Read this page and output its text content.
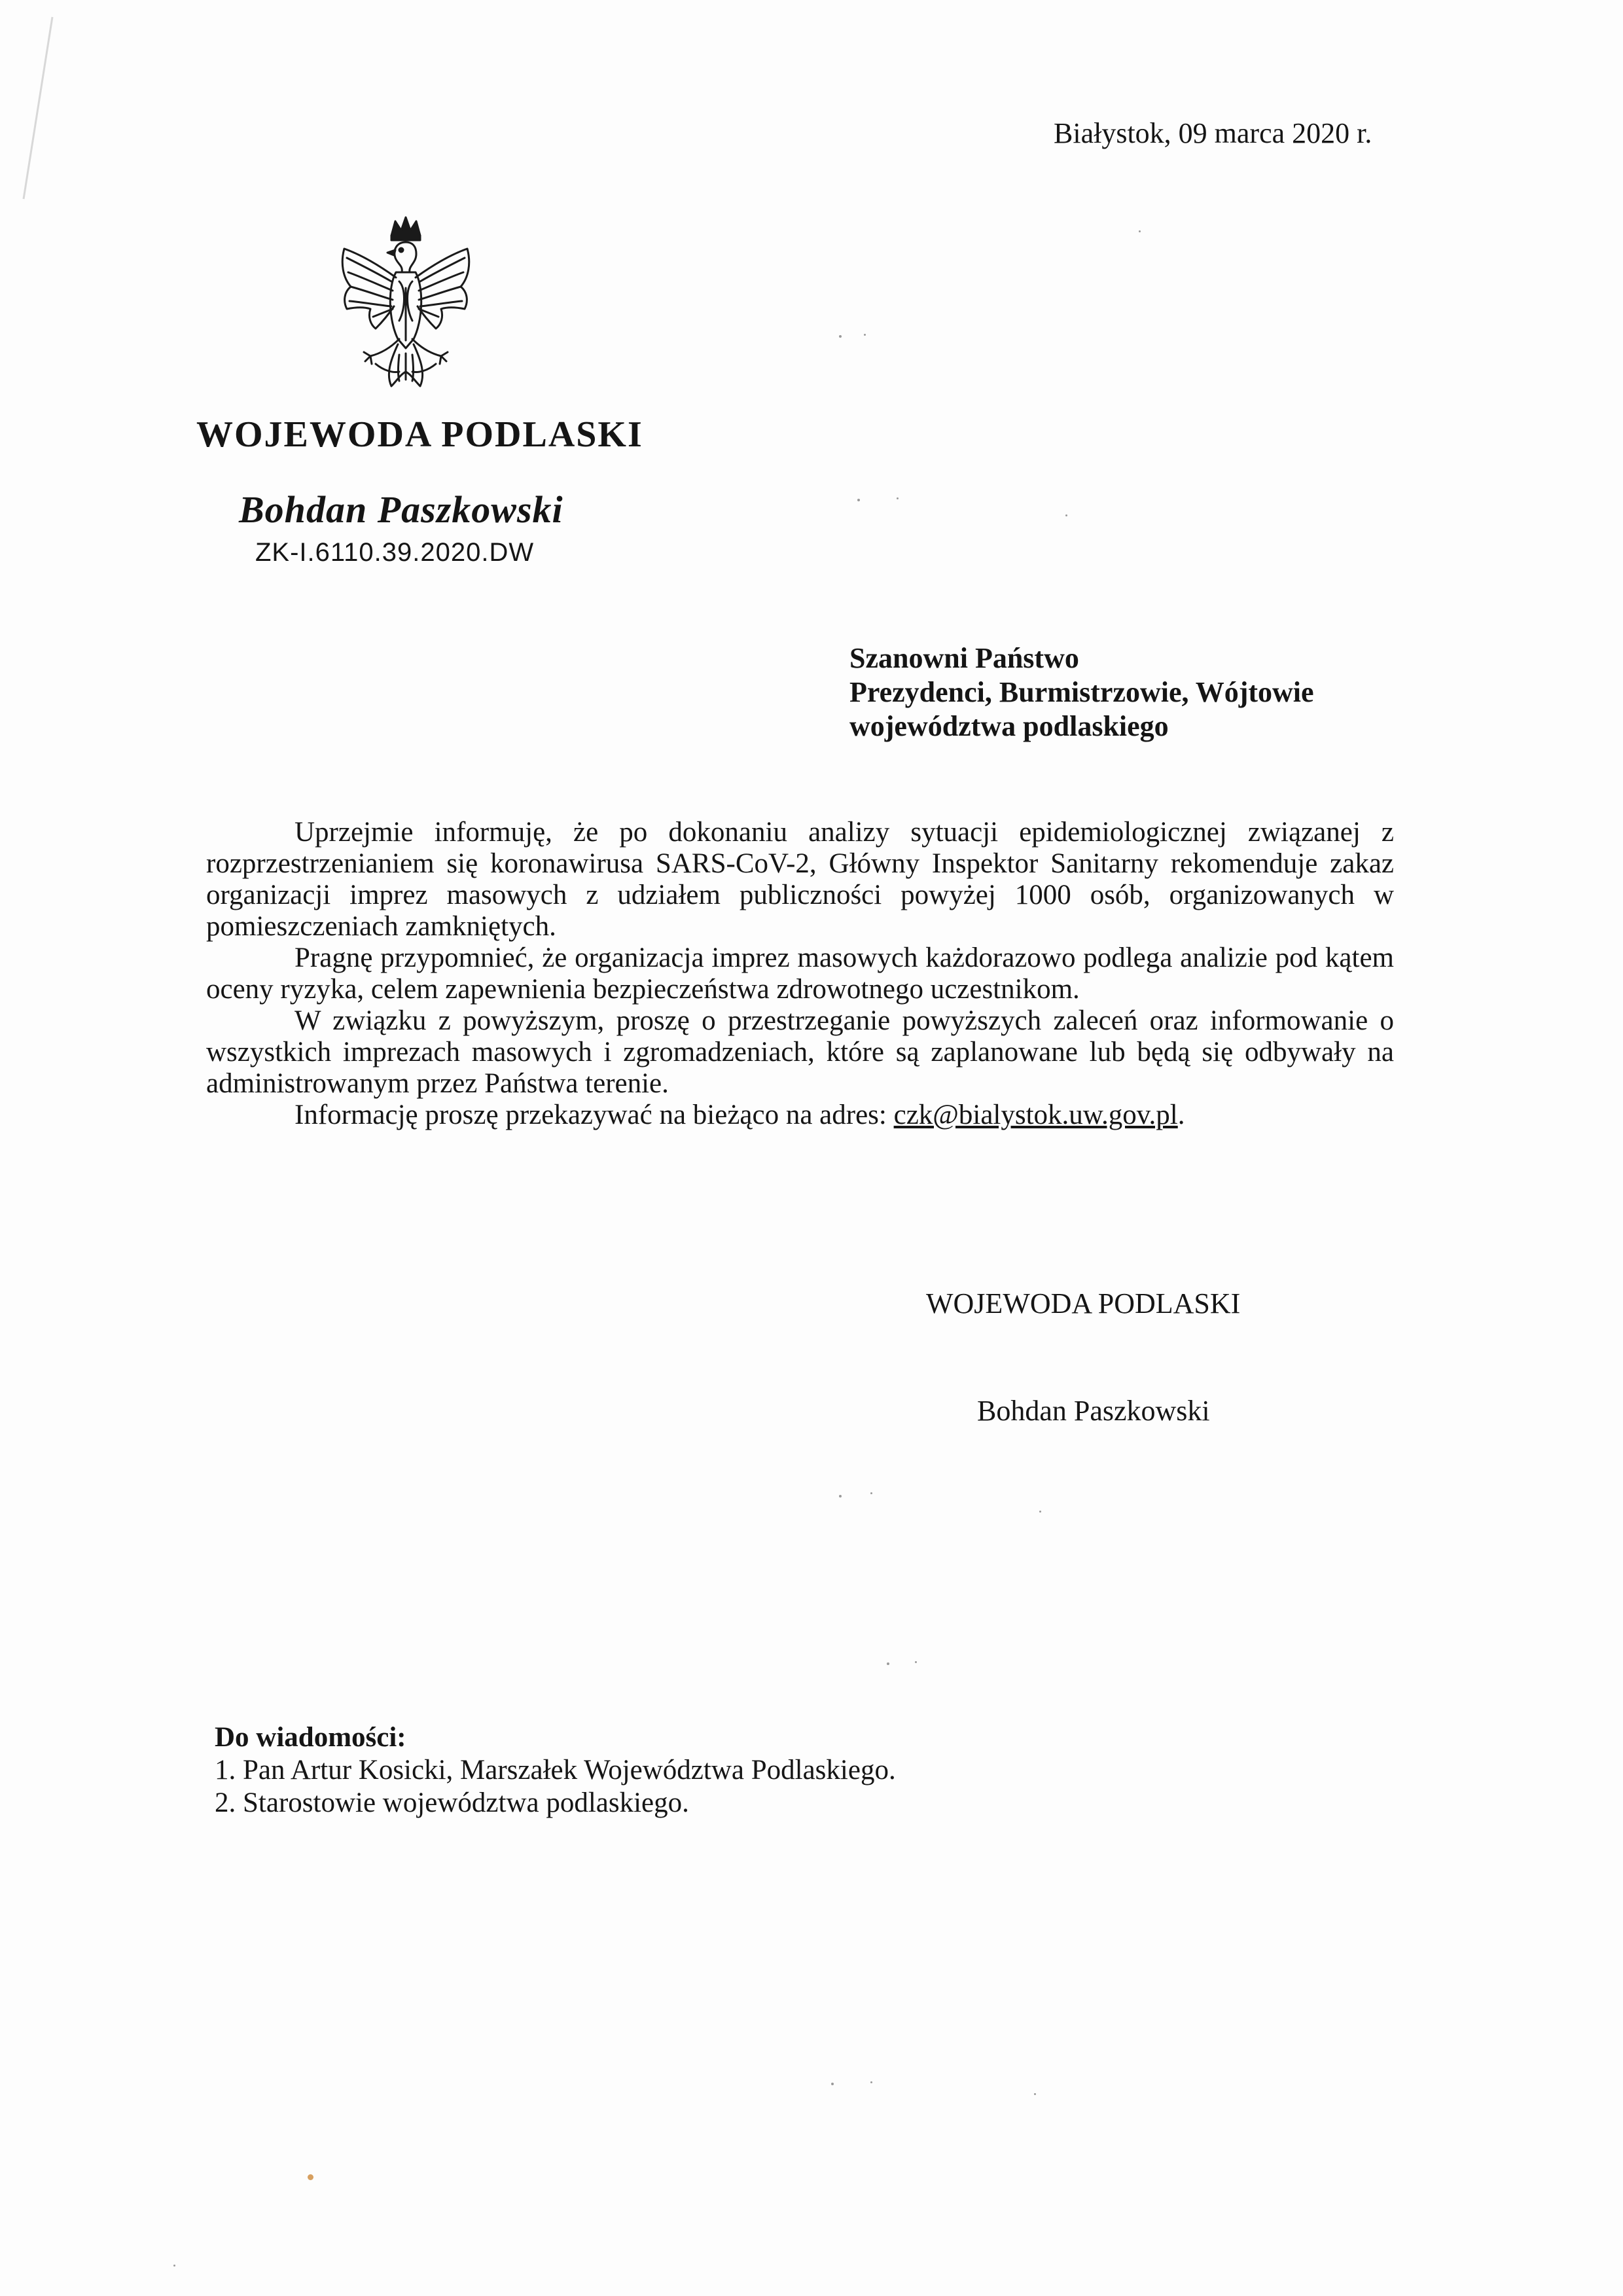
Białystok, 09 marca 2020 r.
WOJEWODA PODLASKI
Bohdan Paszkowski
ZK-I.6110.39.2020.DW
Szanowni Państwo
Prezydenci, Burmistrzowie, Wójtowie
województwa podlaskiego

Uprzejmie informuję, że po dokonaniu analizy sytuacji epidemiologicznej związanej z rozprzestrzenianiem się koronawirusa SARS-CoV-2, Główny Inspektor Sanitarny rekomenduje zakaz organizacji imprez masowych z udziałem publiczności powyżej 1000 osób, organizowanych w pomieszczeniach zamkniętych.

Pragnę przypomnieć, że organizacja imprez masowych każdorazowo podlega analizie pod kątem oceny ryzyka, celem zapewnienia bezpieczeństwa zdrowotnego uczestnikom.

W związku z powyższym, proszę o przestrzeganie powyższych zaleceń oraz informowanie o wszystkich imprezach masowych i zgromadzeniach, które są zaplanowane lub będą się odbywały na administrowanym przez Państwa terenie.

Informację proszę przekazywać na bieżąco na adres: czk@bialystok.uw.gov.pl.

WOJEWODA PODLASKI
Bohdan Paszkowski
Do wiadomości:
1. Pan Artur Kosicki, Marszałek Województwa Podlaskiego.
2. Starostowie województwa podlaskiego.
